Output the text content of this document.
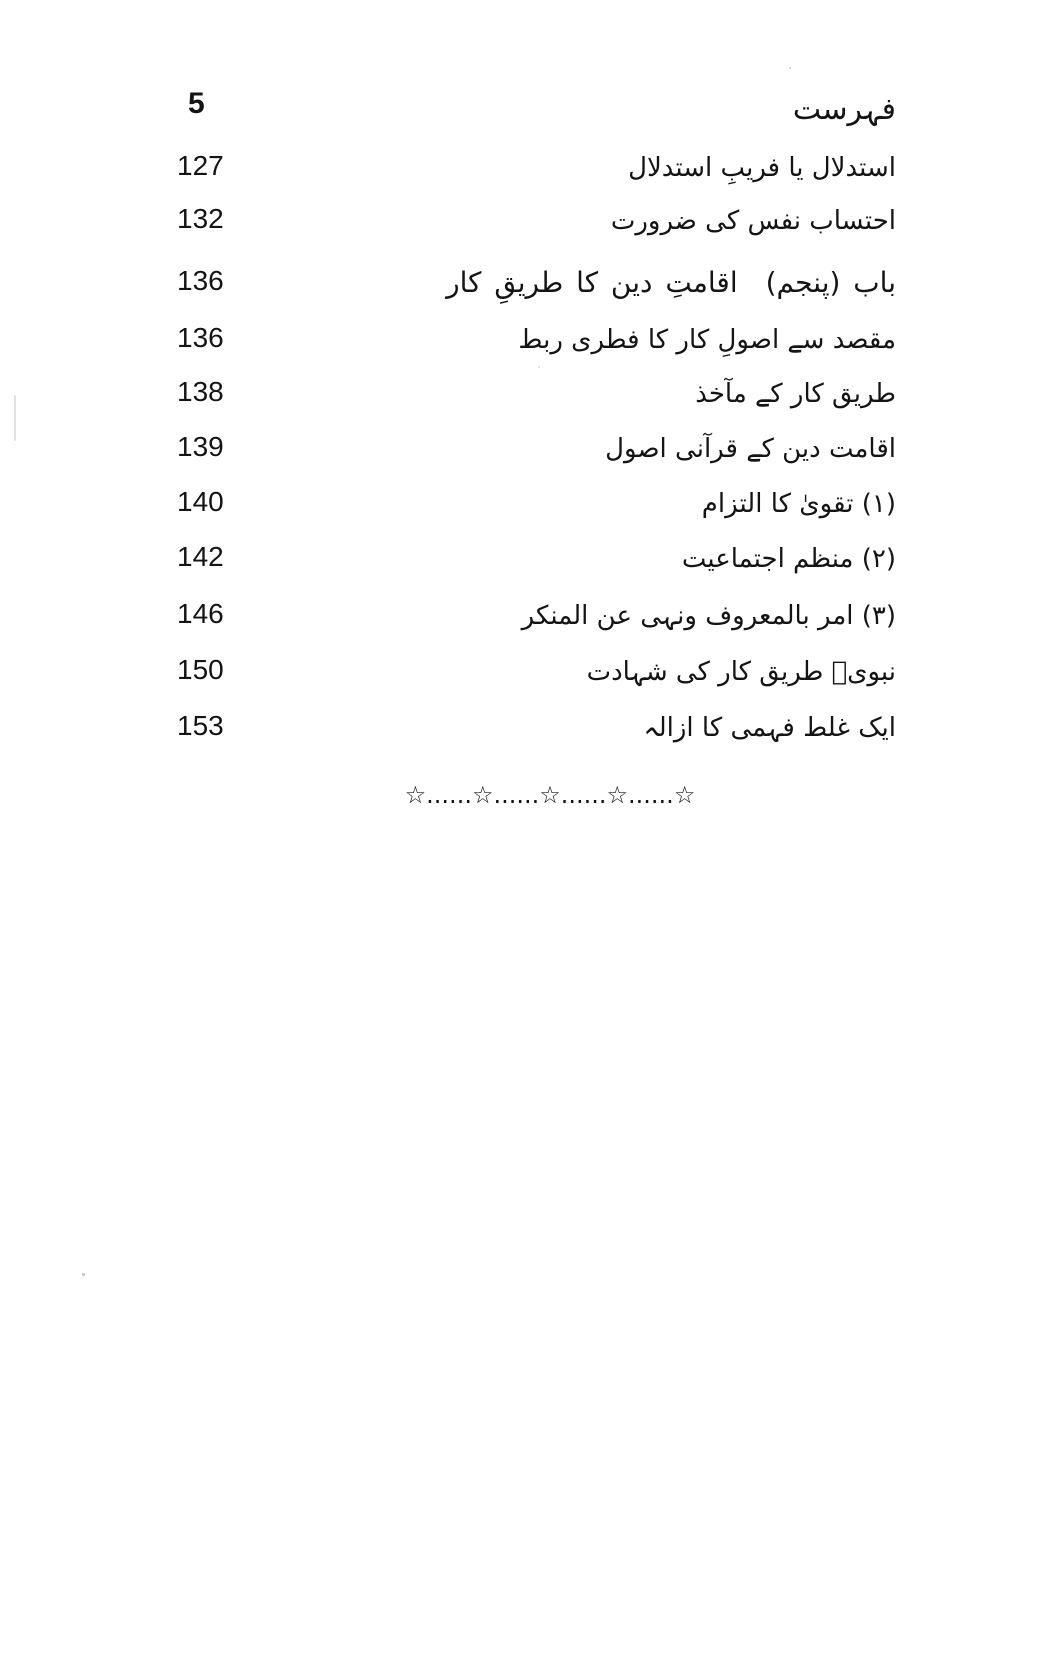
5	فہرست
127	استدلال یا فریبِ استدلال
132	احتساب نفس کی ضرورت
136	باب (پنجم)اقامتِ دین کا طریقِ کار
136	مقصد سے اصولِ کار کا فطری ربط
138	طریق کار کے مآخذ
139	اقامت دین کے قرآنی اصول
140	(۱) تقویٰ کا التزام
142	(۲) منظم اجتماعیت
146	(۳) امر بالمعروف ونہی عن المنکر
150	نبویؐ طریق کار کی شہادت
153	ایک غلط فہمی کا ازالہ
☆......☆......☆......☆......☆
